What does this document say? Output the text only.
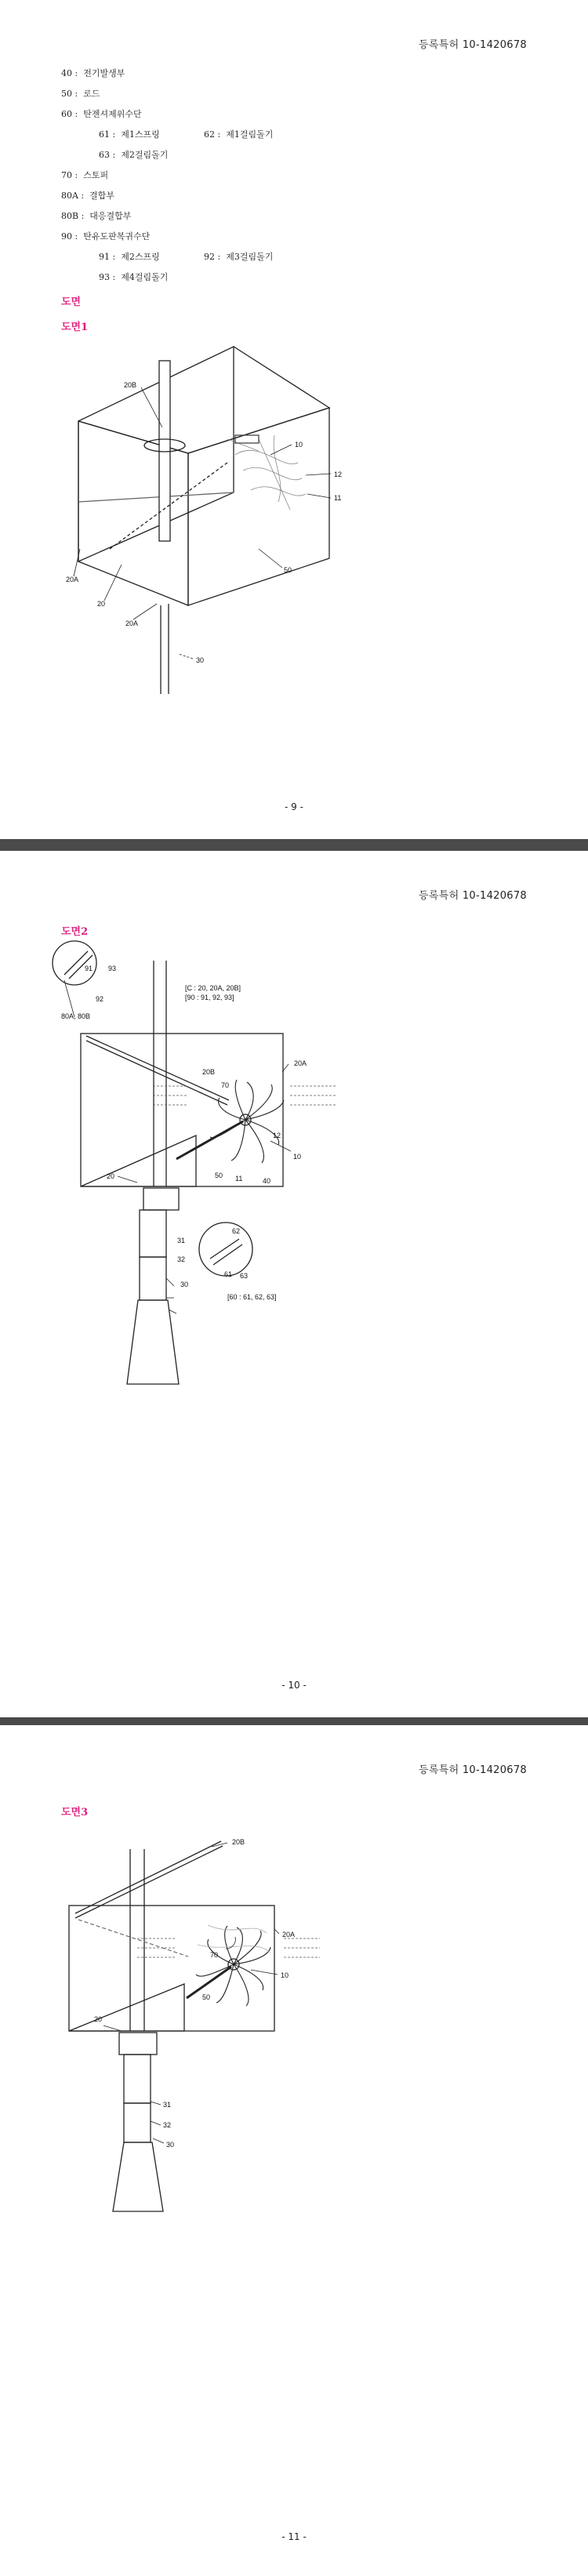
등록특허 10-1420678
40 : 전기발생부
50 : 로드
60 : 탄젠셔제위수단
61 : 제1스프링	62 : 제1걸림돌기
63 : 제2걸림돌기
70 : 스토퍼
80A : 결합부
80B : 대응결합부
90 : 탄유도판복귀수단
91 : 제2스프링	92 : 제3걸림돌기
93 : 제4걸림돌기
도면
도면1
20B
10
12
11
20A
20
50
20A
30
- 9 -
등록특허 10-1420678
도면2
91 93
92
80A, 80B
[C : 20, 20A, 20B]
[90 : 91, 92, 93]
20B
20A
70
12
10
50 11	40
20
62
31
32
30
61 63
[60 : 61, 62, 63]
- 10 -
등록특허 10-1420678
도면3
20B
20A
70
10
50
20
31
32
30
- 11 -
